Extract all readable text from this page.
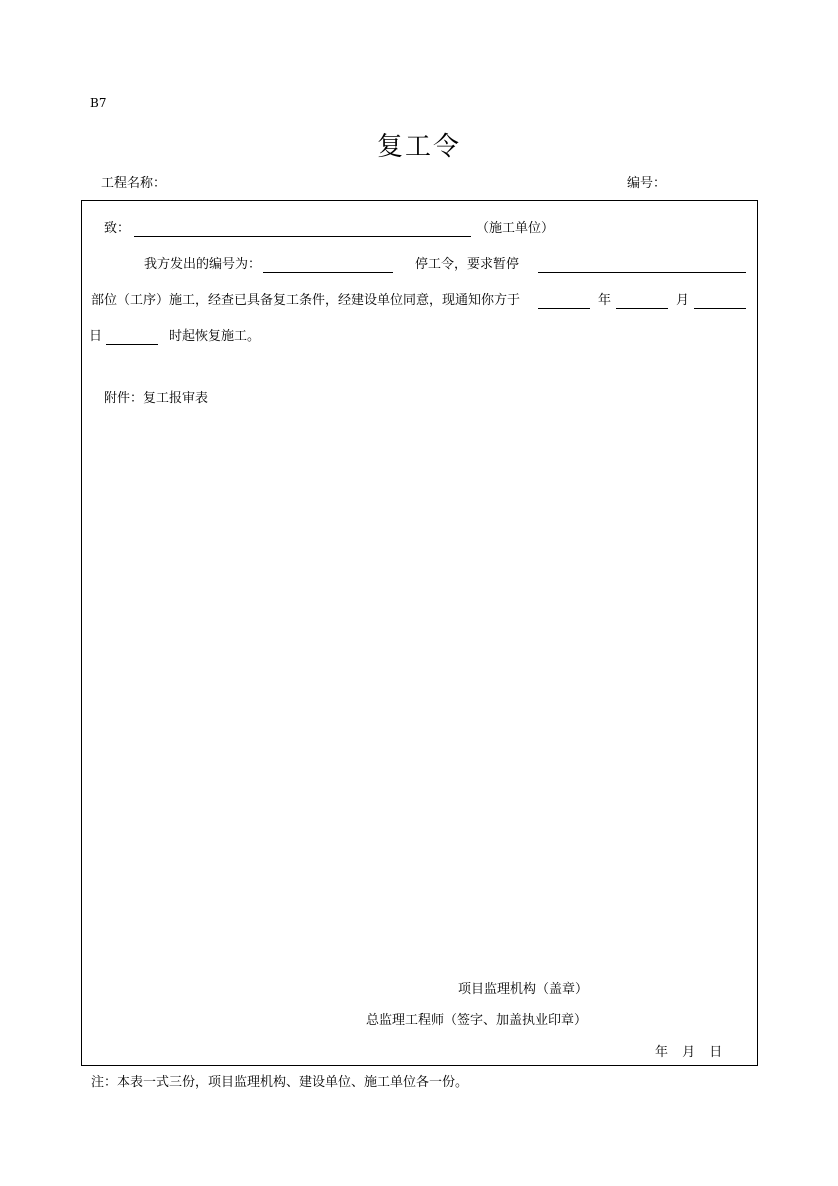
B7
复工令
工程名称：	编号：
致：	（施工单位）
我方发出的编号为：	停工令，要求暂停
部位（工序）施工，经查已具备复工条件，经建设单位同意，现通知你方于	年	月
日	时起恢复施工。
附件：复工报审表
项目监理机构（盖章）
总监理工程师（签字、加盖执业印章）
年 月 日
注：本表一式三份，项目监理机构、建设单位、施工单位各一份。
